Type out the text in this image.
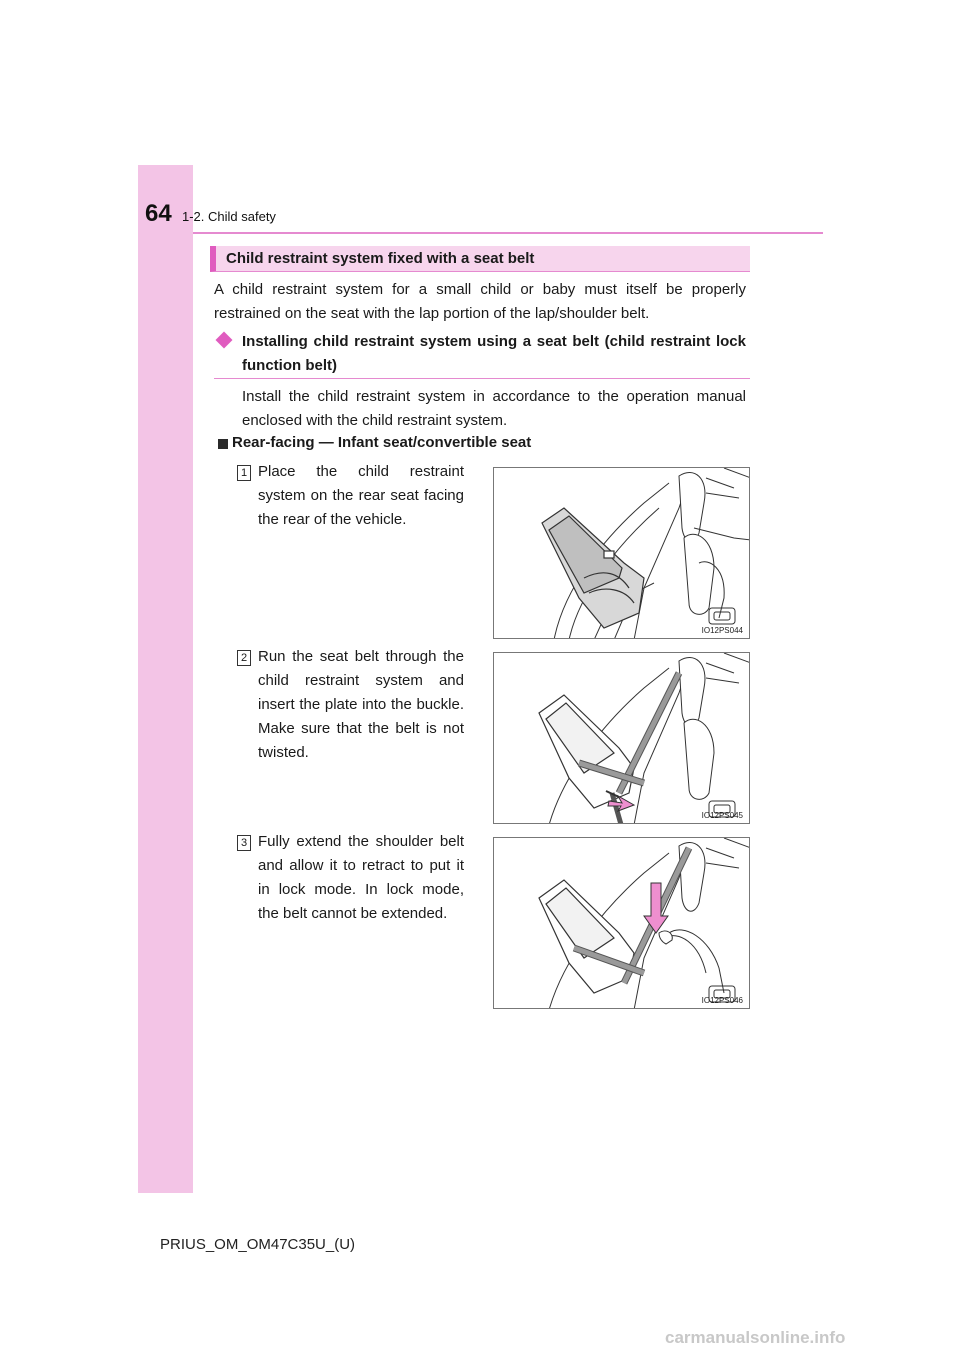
64 1-2. Child safety
Child restraint system fixed with a seat belt

A child restraint system for a small child or baby must itself be properly restrained on the seat with the lap portion of the lap/shoulder belt.

Installing child restraint system using a seat belt (child restraint lock function belt)

Install the child restraint system in accordance to the operation manual enclosed with the child restraint system.

Rear-facing — Infant seat/convertible seat
1 Place the child restraint system on the rear seat facing the rear of the vehicle.

IO12PS044
2 Run the seat belt through the child restraint system and insert the plate into the buckle. Make sure that the belt is not twisted.

IO12PS045
3 Fully extend the shoulder belt and allow it to retract to put it in lock mode. In lock mode, the belt cannot be extended.

IO12PS046
PRIUS_OM_OM47C35U_(U)
carmanualsonline.info
